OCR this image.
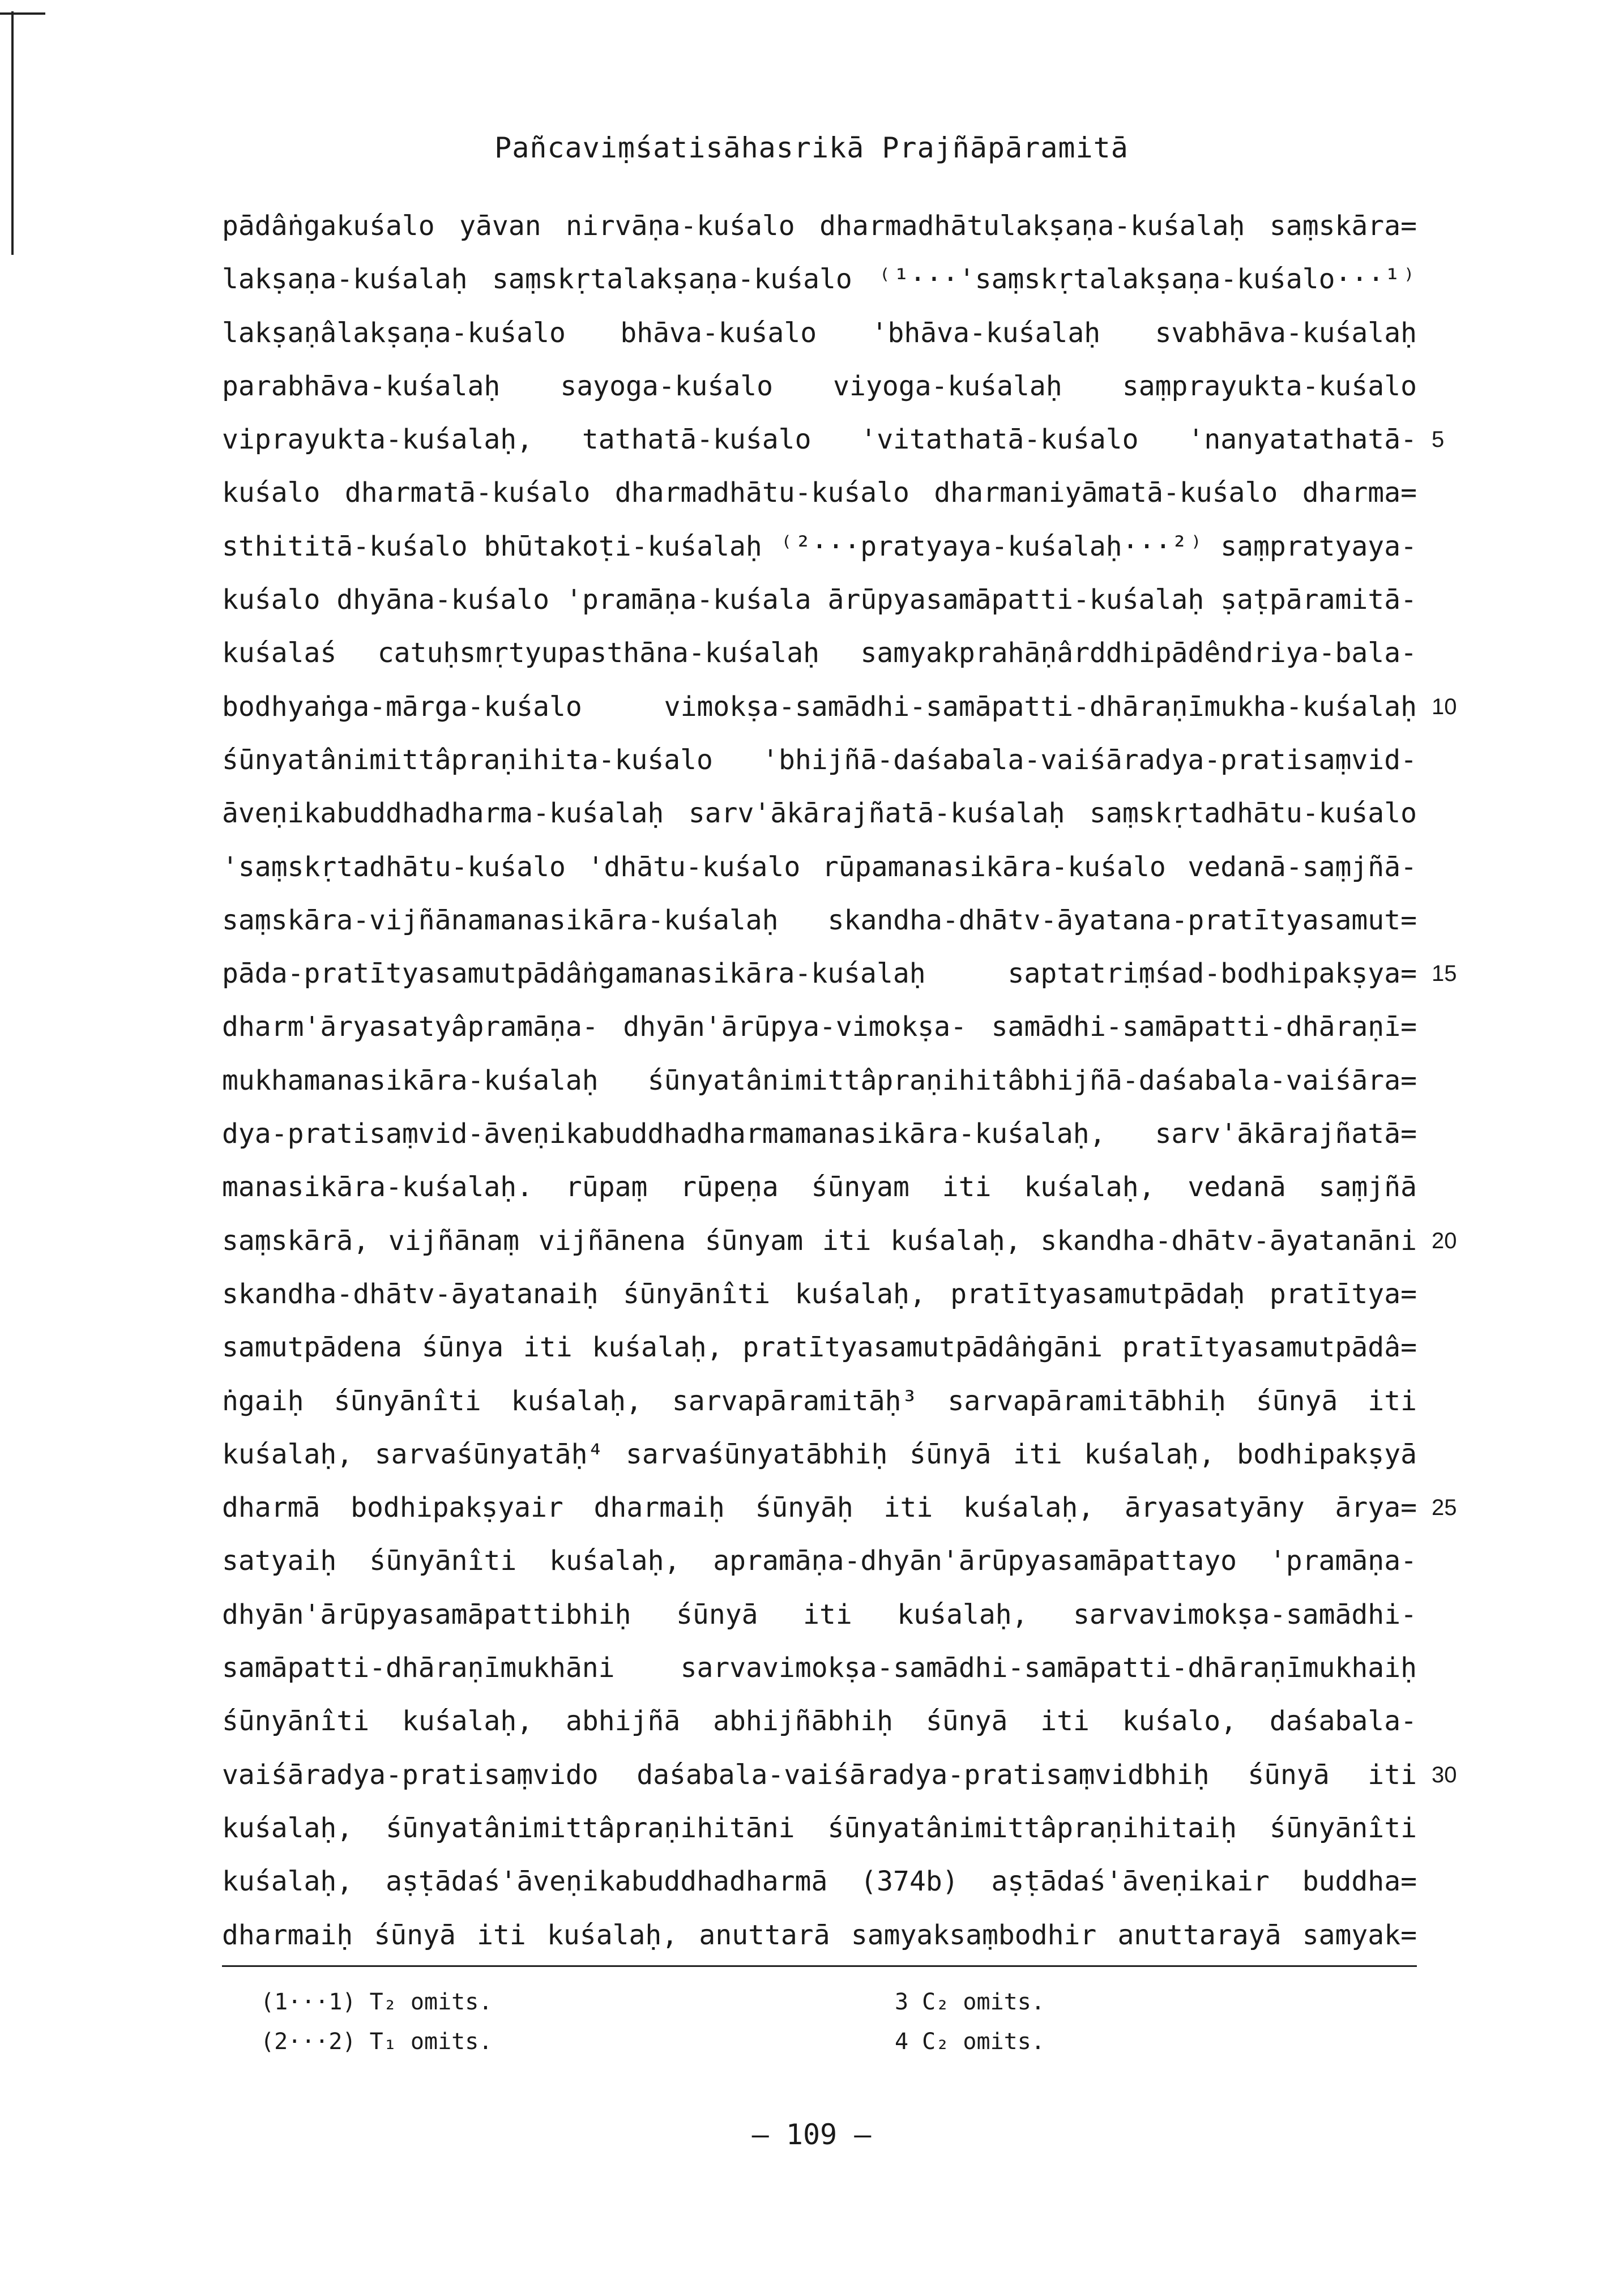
Pañcaviṃśatisāhasrikā Prajñāpāramitā
pādâṅgakuśalo yāvan nirvāṇa-kuśalo dharmadhātulakṣaṇa-kuśalaḥ saṃskāra=
lakṣaṇa-kuśalaḥ saṃskṛtalakṣaṇa-kuśalo ⁽¹···'saṃskṛtalakṣaṇa-kuśalo···¹⁾
lakṣaṇâlakṣaṇa-kuśalo bhāva-kuśalo 'bhāva-kuśalaḥ svabhāva-kuśalaḥ
parabhāva-kuśalaḥ sayoga-kuśalo viyoga-kuśalaḥ saṃprayukta-kuśalo
viprayukta-kuśalaḥ, tathatā-kuśalo 'vitathatā-kuśalo 'nanyatathatā-
kuśalo dharmatā-kuśalo dharmadhātu-kuśalo dharmaniyāmatā-kuśalo dharma=
sthititā-kuśalo bhūtakoṭi-kuśalaḥ ⁽²···pratyaya-kuśalaḥ···²⁾ saṃpratyaya-
kuśalo dhyāna-kuśalo 'pramāṇa-kuśala ārūpyasamāpatti-kuśalaḥ ṣaṭpāramitā-
kuśalaś catuḥsmṛtyupasthāna-kuśalaḥ samyakprahāṇârddhipādêndriya-bala-
bodhyaṅga-mārga-kuśalo vimokṣa-samādhi-samāpatti-dhāraṇīmukha-kuśalaḥ
śūnyatânimittâpraṇihita-kuśalo 'bhijñā-daśabala-vaiśāradya-pratisaṃvid-
āveṇikabuddhadharma-kuśalaḥ sarv'ākārajñatā-kuśalaḥ saṃskṛtadhātu-kuśalo
'saṃskṛtadhātu-kuśalo 'dhātu-kuśalo rūpamanasikāra-kuśalo vedanā-saṃjñā-
saṃskāra-vijñānamanasikāra-kuśalaḥ skandha-dhātv-āyatana-pratītyasamut=
pāda-pratītyasamutpādâṅgamanasikāra-kuśalaḥ saptatriṃśad-bodhipakṣya=
dharm'āryasatyâpramāṇa- dhyān'ārūpya-vimokṣa- samādhi-samāpatti-dhāraṇī=
mukhamanasikāra-kuśalaḥ śūnyatânimittâpraṇihitâbhijñā-daśabala-vaiśāra=
dya-pratisaṃvid-āveṇikabuddhadharmamanasikāra-kuśalaḥ, sarv'ākārajñatā=
manasikāra-kuśalaḥ. rūpaṃ rūpeṇa śūnyam iti kuśalaḥ, vedanā saṃjñā
saṃskārā, vijñānaṃ vijñānena śūnyam iti kuśalaḥ, skandha-dhātv-āyatanāni
skandha-dhātv-āyatanaiḥ śūnyānîti kuśalaḥ, pratītyasamutpādaḥ pratītya=
samutpādena śūnya iti kuśalaḥ, pratītyasamutpādâṅgāni pratītyasamutpādâ=
ṅgaiḥ śūnyānîti kuśalaḥ, sarvapāramitāḥ³ sarvapāramitābhiḥ śūnyā iti
kuśalaḥ, sarvaśūnyatāḥ⁴ sarvaśūnyatābhiḥ śūnyā iti kuśalaḥ, bodhipakṣyā
dharmā bodhipakṣyair dharmaiḥ śūnyāḥ iti kuśalaḥ, āryasatyāny ārya=
satyaiḥ śūnyānîti kuśalaḥ, apramāṇa-dhyān'ārūpyasamāpattayo 'pramāṇa-
dhyān'ārūpyasamāpattibhiḥ śūnyā iti kuśalaḥ, sarvavimokṣa-samādhi-
samāpatti-dhāraṇīmukhāni sarvavimokṣa-samādhi-samāpatti-dhāraṇīmukhaiḥ
śūnyānîti kuśalaḥ, abhijñā abhijñābhiḥ śūnyā iti kuśalo, daśabala-
vaiśāradya-pratisaṃvido daśabala-vaiśāradya-pratisaṃvidbhiḥ śūnyā iti
kuśalaḥ, śūnyatânimittâpraṇihitāni śūnyatânimittâpraṇihitaiḥ śūnyānîti
kuśalaḥ, aṣṭādaś'āveṇikabuddhadharmā (374b) aṣṭādaś'āveṇikair buddha=
dharmaiḥ śūnyā iti kuśalaḥ, anuttarā samyaksaṃbodhir anuttarayā samyak=
5
10
15
20
25
30
(1···1) T₂ omits.
(2···2) T₁ omits.
3 C₂ omits.
4 C₂ omits.
— 109 —
